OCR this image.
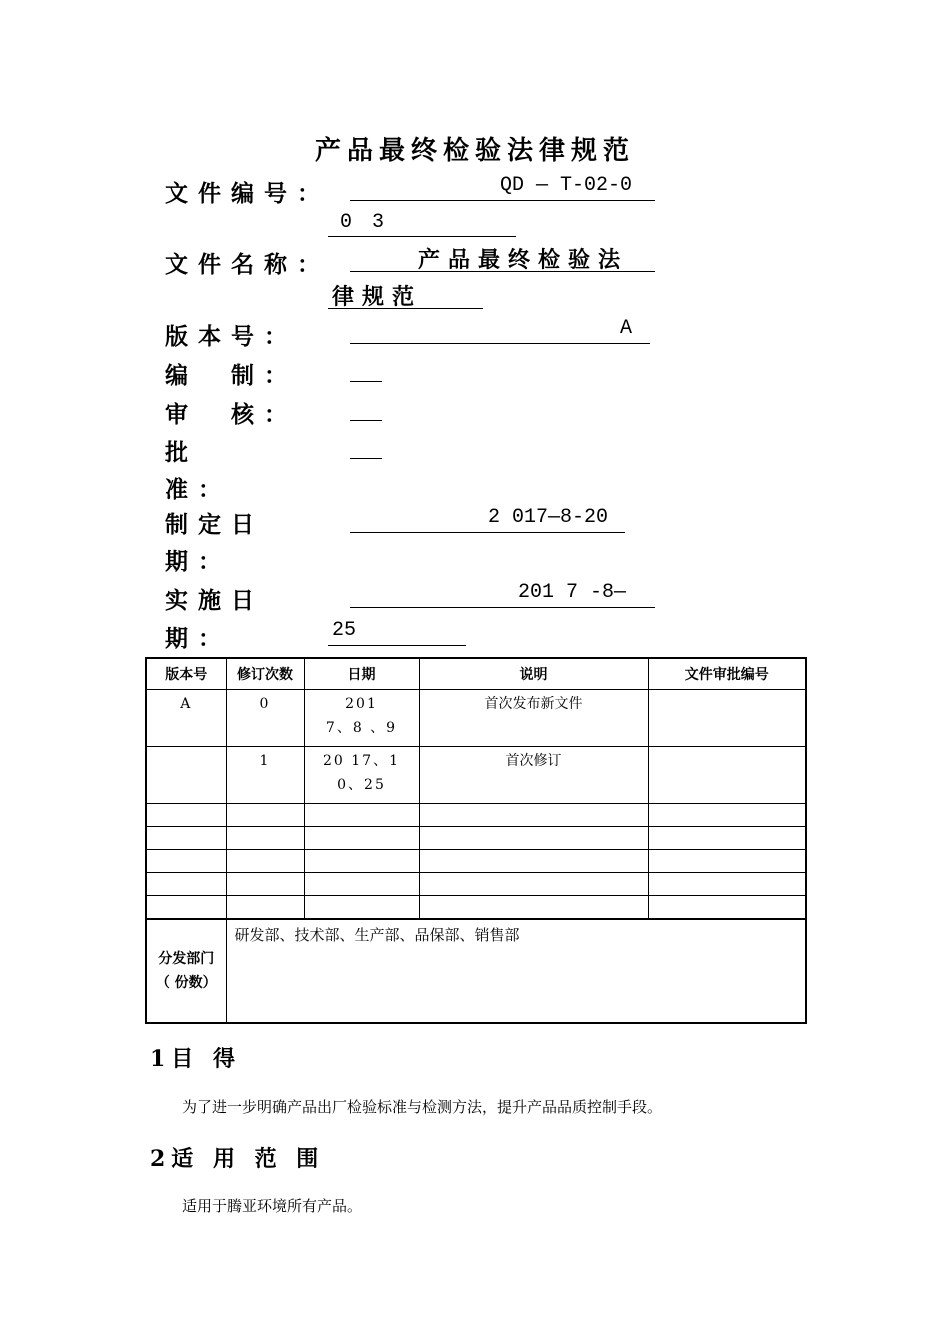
产品最终检验法律规范
文件编号：	QD — T-02-0
0 3
文件名称：	产品最终检验法
律规范
版本号：	A
编　制：
审　核：
批
准：
制定日	2 017—8-20
期：
实施日	201 7 -8—
期：	25
版本号	修订次数	日期	说明	文件审批编号
A	0	201
7、8 、9	首次发布新文件	
	1	20 17、1
0、25	首次修订	

分发部门
（ 份数）	研发部、技术部、生产部、品保部、销售部			
1目 得
为了进一步明确产品出厂检验标准与检测方法，提升产品品质控制手段。
2适 用 范 围
适用于腾亚环境所有产品。
